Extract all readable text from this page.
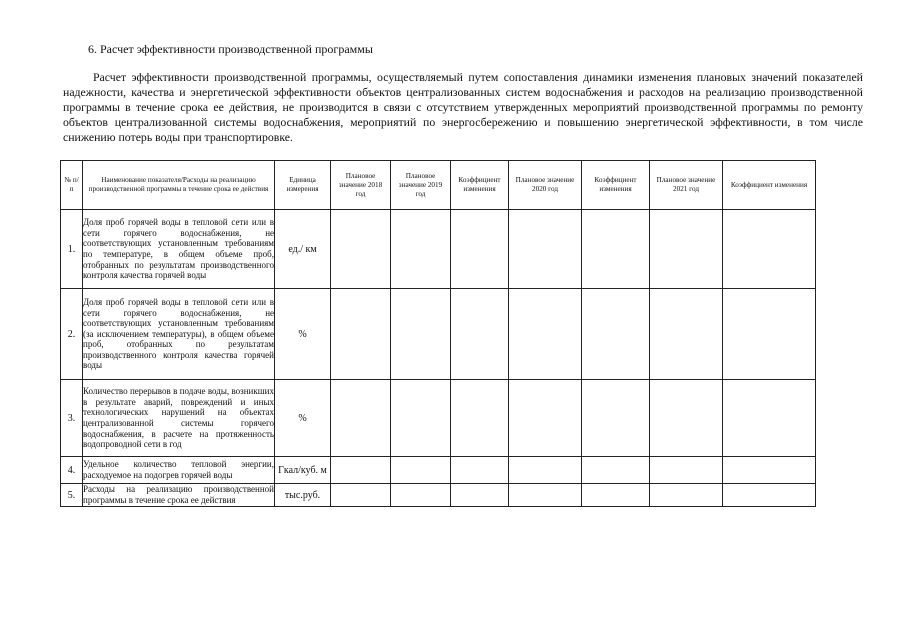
6. Расчет эффективности производственной программы

Расчет эффективности производственной программы, осуществляемый путем сопоставления динамики изменения плановых значений показателей надежности, качества и энергетической эффективности объектов централизованных систем водоснабжения и расходов на реализацию производственной программы в течение срока ее действия, не производится в связи с отсутствием утвержденных мероприятий производственной программы по ремонту объектов централизованной системы водоснабжения, мероприятий по энергосбережению и повышению энергетической эффективности, в том числе снижению потерь воды при транспортировке.

№ п/п	Наименование показателя/Расходы на реализацию производственной программы в течение срока ее действия	Единица измерения	Плановое значение 2018 год	Плановое значение 2019 год	Коэффициент изменения	Плановое значение 2020 год	Коэффициент изменения	Плановое значение 2021 год	Коэффициент изменения
1.	Доля проб горячей воды в тепловой сети или в сети горячего водоснабжения, не соответствующих установленным требованиям по температуре, в общем объеме проб, отобранных по результатам производственного контроля качества горячей воды	ед./ км							
2.	Доля проб горячей воды в тепловой сети или в сети горячего водоснабжения, не соответствующих установленным требованиям (за исключением температуры), в общем объеме проб, отобранных по результатам производственного контроля качества горячей воды	%							
3.	Количество перерывов в подаче воды, возникших в результате аварий, повреждений и иных технологических нарушений на объектах централизованной системы горячего водоснабжения, в расчете на протяженность водопроводной сети в год	%							
4.	Удельное количество тепловой энергии, расходуемое на подогрев горячей воды	Гкал/куб. м							
5.	Расходы на реализацию производственной программы в течение срока ее действия	тыс.руб.							
